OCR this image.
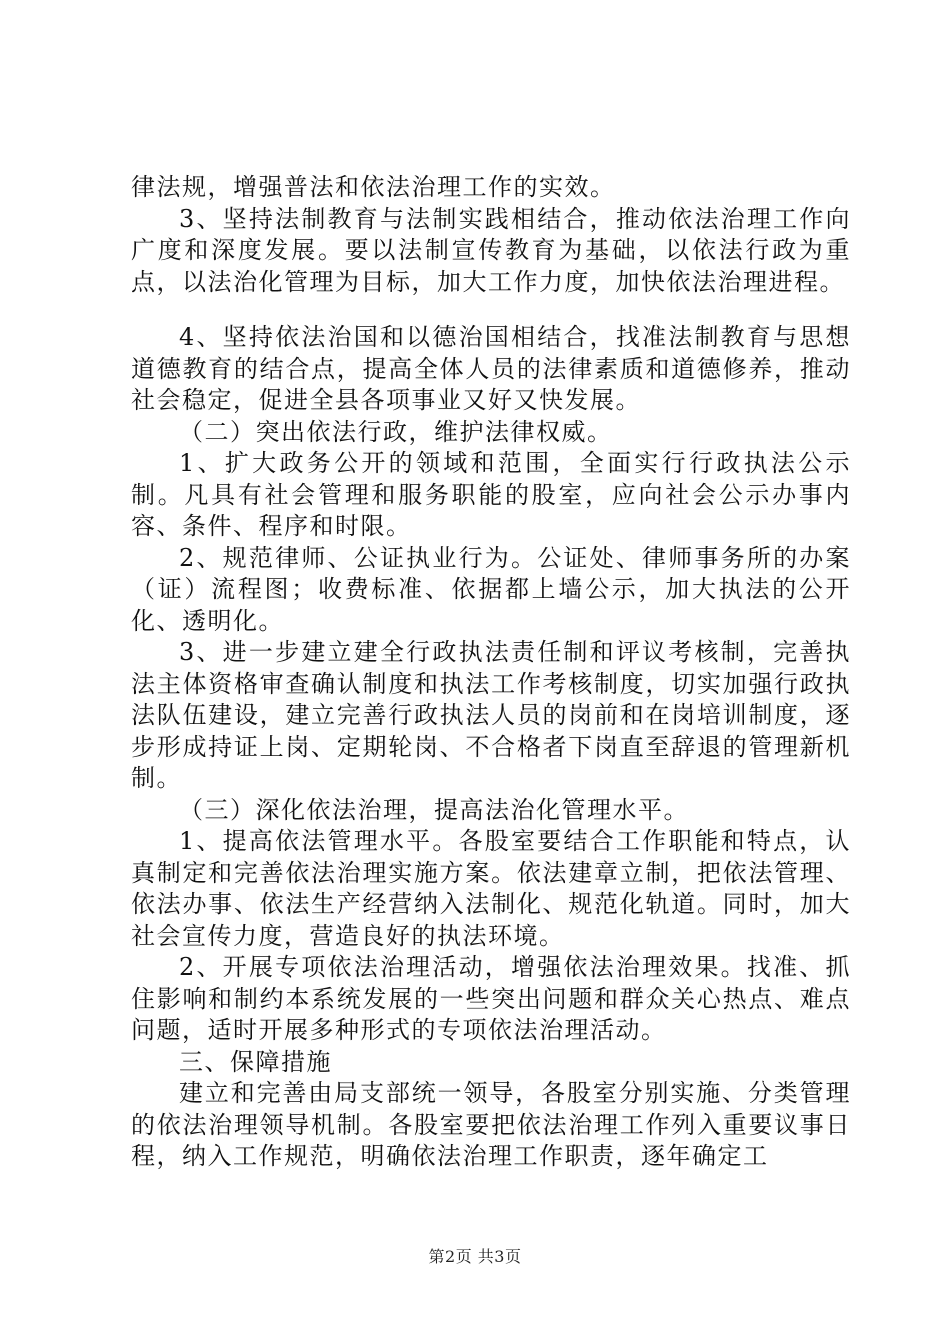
律法规，增强普法和依法治理工作的实效。

3、坚持法制教育与法制实践相结合，推动依法治理工作向广度和深度发展。要以法制宣传教育为基础，以依法行政为重点，以法治化管理为目标，加大工作力度，加快依法治理进程。

4、坚持依法治国和以德治国相结合，找准法制教育与思想道德教育的结合点，提高全体人员的法律素质和道德修养，推动社会稳定，促进全县各项事业又好又快发展。

（二）突出依法行政，维护法律权威。

1、扩大政务公开的领域和范围，全面实行行政执法公示制。凡具有社会管理和服务职能的股室，应向社会公示办事内容、条件、程序和时限。

2、规范律师、公证执业行为。公证处、律师事务所的办案（证）流程图；收费标准、依据都上墙公示，加大执法的公开化、透明化。

3、进一步建立建全行政执法责任制和评议考核制，完善执法主体资格审查确认制度和执法工作考核制度，切实加强行政执法队伍建设，建立完善行政执法人员的岗前和在岗培训制度，逐步形成持证上岗、定期轮岗、不合格者下岗直至辞退的管理新机制。

（三）深化依法治理，提高法治化管理水平。

1、提高依法管理水平。各股室要结合工作职能和特点，认真制定和完善依法治理实施方案。依法建章立制，把依法管理、依法办事、依法生产经营纳入法制化、规范化轨道。同时，加大社会宣传力度，营造良好的执法环境。

2、开展专项依法治理活动，增强依法治理效果。找准、抓住影响和制约本系统发展的一些突出问题和群众关心热点、难点问题，适时开展多种形式的专项依法治理活动。

三、保障措施

建立和完善由局支部统一领导，各股室分别实施、分类管理的依法治理领导机制。各股室要把依法治理工作列入重要议事日程，纳入工作规范，明确依法治理工作职责，逐年确定工

第2页 共3页
